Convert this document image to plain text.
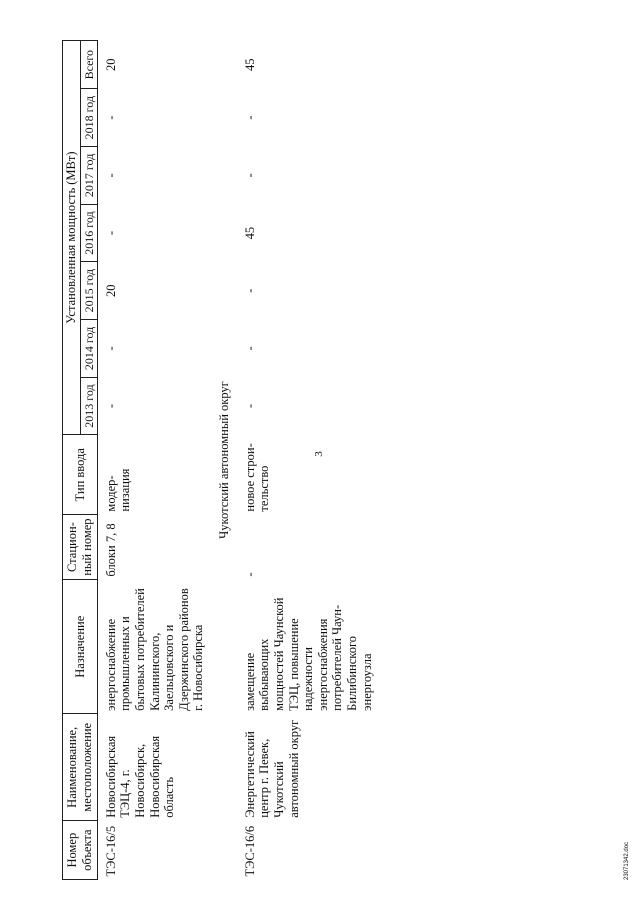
3
Номер объекта	Наименование, местоположение	Назначение	Стацион- ный номер	Тип ввода	Установленная мощность (МВт)						
					2013 год	2014 год	2015 год	2016 год	2017 год	2018 год	Всего

ТЭС-16/5	Новосибирская ТЭЦ-4, г. Новосибирск, Новосибирская область	энергоснабжение промышленных и бытовых потребителей Калининского, Заельцовского и Дзержинского районов г. Новосибирска	блоки 7, 8	модер- низация	-	-	20	-	-	-	20
Чукотский автономный округ											
ТЭС-16/6	Энергетический центр г. Певек, Чукотский автономный округ	замещение выбывающих мощностей Чаунской ТЭЦ, повышение надежности энергоснабжения потребителей Чаун-Билибинского энергоузла	-	новое строи- тельство	-	-	-	45	-	-	45
23071342.doc
